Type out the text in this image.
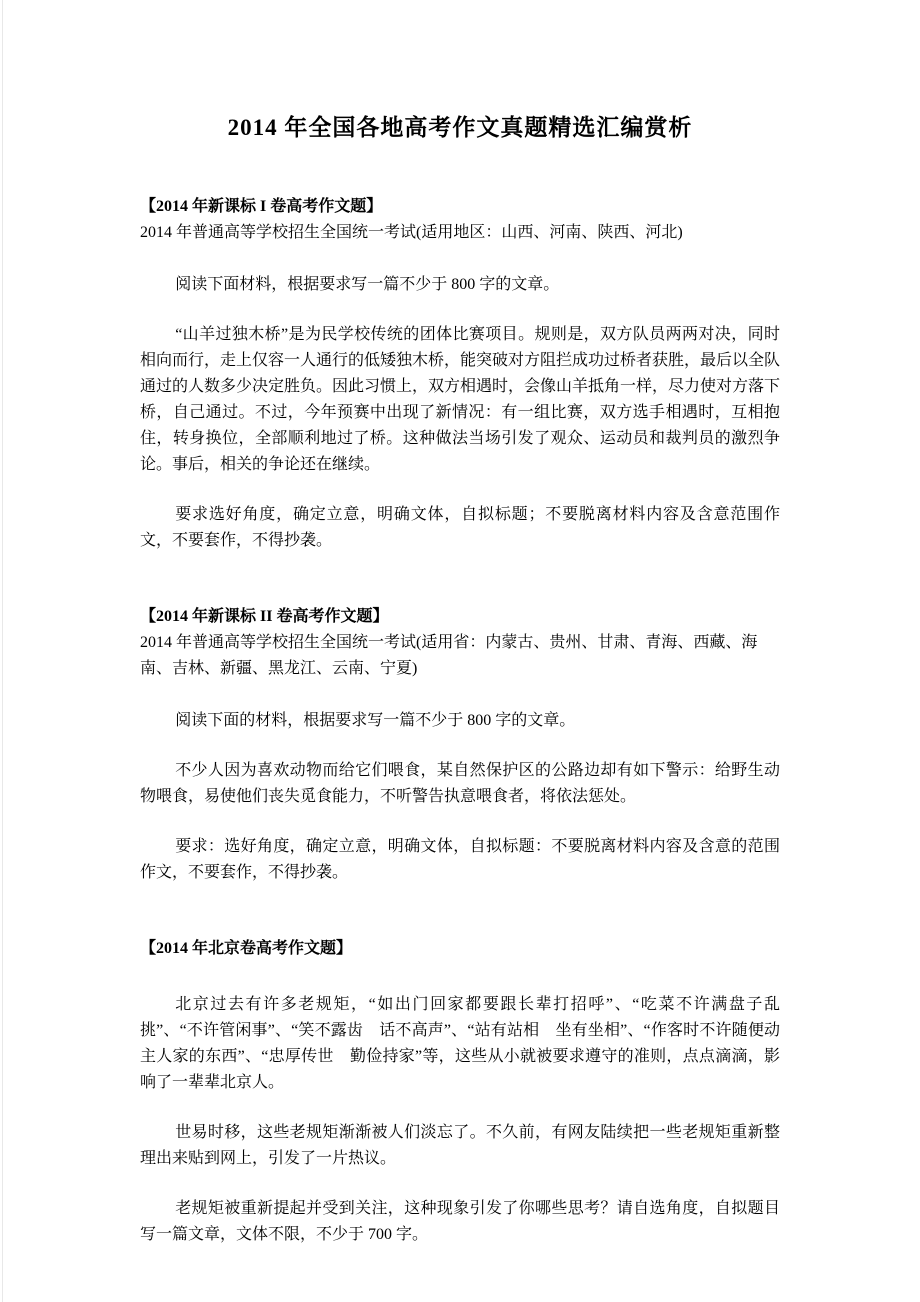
2014 年全国各地高考作文真题精选汇编赏析
【2014 年新课标 I 卷高考作文题】
2014 年普通高等学校招生全国统一考试(适用地区：山西、河南、陕西、河北)

阅读下面材料，根据要求写一篇不少于 800 字的文章。

“山羊过独木桥”是为民学校传统的团体比赛项目。规则是，双方队员两两对决，同时相向而行，走上仅容一人通行的低矮独木桥，能突破对方阻拦成功过桥者获胜，最后以全队通过的人数多少决定胜负。因此习惯上，双方相遇时，会像山羊抵角一样，尽力使对方落下桥，自己通过。不过，今年预赛中出现了新情况：有一组比赛，双方选手相遇时，互相抱住，转身换位，全部顺利地过了桥。这种做法当场引发了观众、运动员和裁判员的激烈争论。事后，相关的争论还在继续。

要求选好角度，确定立意，明确文体，自拟标题；不要脱离材料内容及含意范围作文，不要套作，不得抄袭。

【2014 年新课标 II 卷高考作文题】
2014 年普通高等学校招生全国统一考试(适用省：内蒙古、贵州、甘肃、青海、西藏、海南、吉林、新疆、黑龙江、云南、宁夏)

阅读下面的材料，根据要求写一篇不少于 800 字的文章。

不少人因为喜欢动物而给它们喂食，某自然保护区的公路边却有如下警示：给野生动物喂食，易使他们丧失觅食能力，不听警告执意喂食者，将依法惩处。

要求：选好角度，确定立意，明确文体，自拟标题：不要脱离材料内容及含意的范围作文，不要套作，不得抄袭。

【2014 年北京卷高考作文题】

北京过去有许多老规矩，“如出门回家都要跟长辈打招呼”、“吃菜不许满盘子乱挑”、“不许管闲事”、“笑不露齿　话不高声”、“站有站相　坐有坐相”、“作客时不许随便动主人家的东西”、“忠厚传世　勤俭持家”等，这些从小就被要求遵守的准则，点点滴滴，影响了一辈辈北京人。

世易时移，这些老规矩渐渐被人们淡忘了。不久前，有网友陆续把一些老规矩重新整理出来贴到网上，引发了一片热议。

老规矩被重新提起并受到关注，这种现象引发了你哪些思考？请自选角度，自拟题目写一篇文章，文体不限，不少于 700 字。
